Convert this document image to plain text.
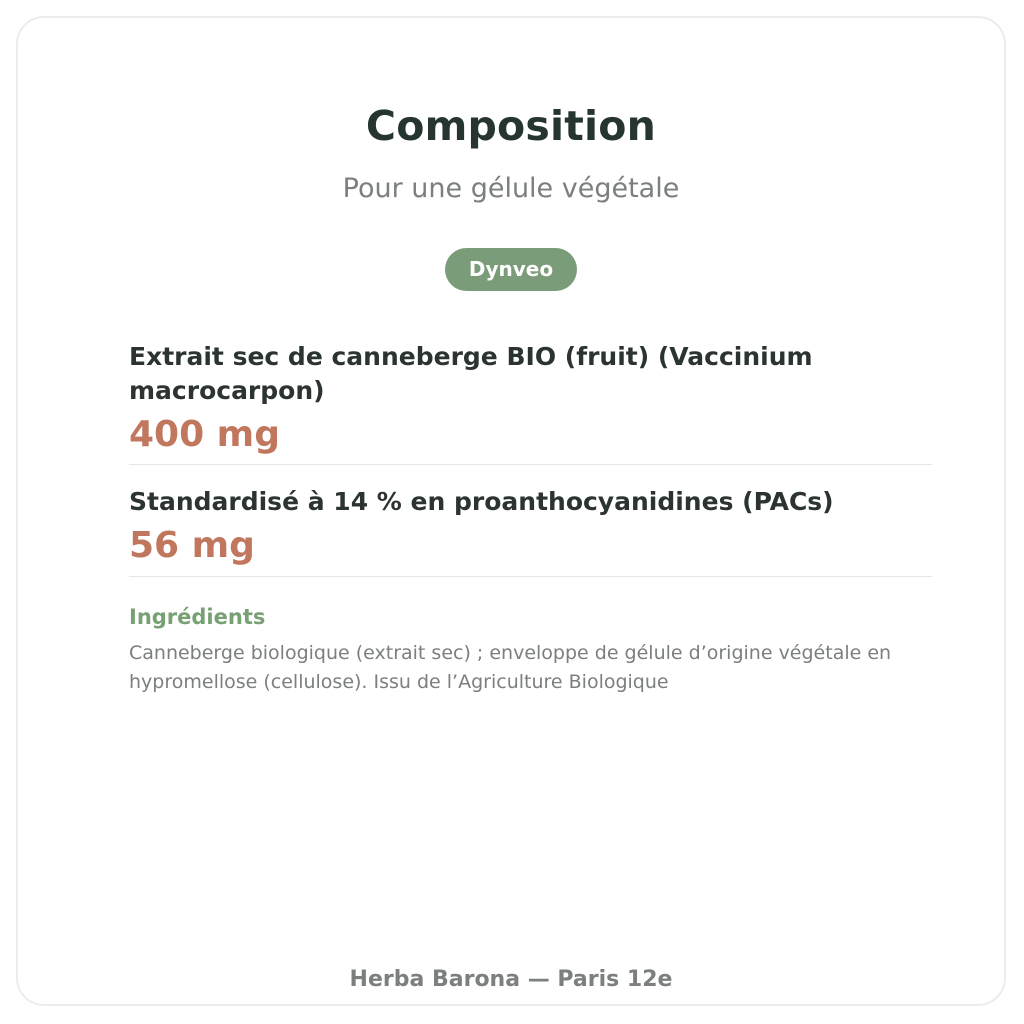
Composition
Pour une gélule végétale
Dynveo
Extrait sec de canneberge BIO (fruit) (Vaccinium macrocarpon)
400 mg
Standardisé à 14 % en proanthocyanidines (PACs)
56 mg
Ingrédients
Canneberge biologique (extrait sec) ; enveloppe de gélule d’origine végétale en hypromellose (cellulose). Issu de l’Agriculture Biologique
Herba Barona — Paris 12e
